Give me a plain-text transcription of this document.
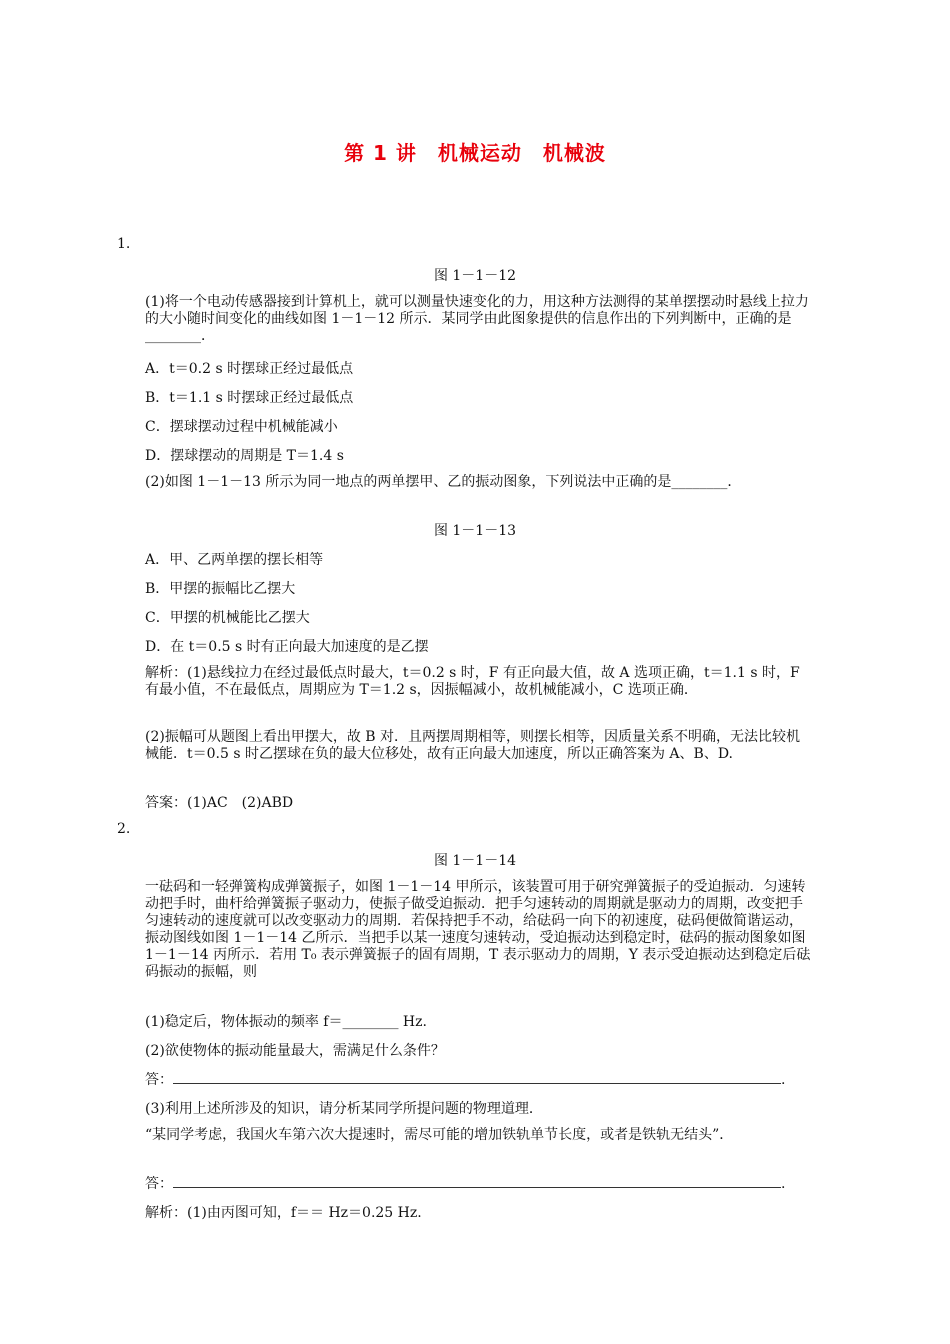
第 1 讲　机械运动　机械波
1.
图 1－1－12
(1)将一个电动传感器接到计算机上，就可以测量快速变化的力，用这种方法测得的某单摆摆动时悬线上拉力的大小随时间变化的曲线如图 1－1－12 所示．某同学由此图象提供的信息作出的下列判断中，正确的是________．
A．t＝0.2 s 时摆球正经过最低点
B．t＝1.1 s 时摆球正经过最低点
C．摆球摆动过程中机械能减小
D．摆球摆动的周期是 T＝1.4 s
(2)如图 1－1－13 所示为同一地点的两单摆甲、乙的振动图象，下列说法中正确的是________．
图 1－1－13
A．甲、乙两单摆的摆长相等
B．甲摆的振幅比乙摆大
C．甲摆的机械能比乙摆大
D．在 t＝0.5 s 时有正向最大加速度的是乙摆
解析：(1)悬线拉力在经过最低点时最大，t＝0.2 s 时，F 有正向最大值，故 A 选项正确，t＝1.1 s 时，F 有最小值，不在最低点，周期应为 T＝1.2 s，因振幅减小，故机械能减小，C 选项正确．
(2)振幅可从题图上看出甲摆大，故 B 对．且两摆周期相等，则摆长相等，因质量关系不明确，无法比较机械能．t＝0.5 s 时乙摆球在负的最大位移处，故有正向最大加速度，所以正确答案为 A、B、D.
答案：(1)AC　(2)ABD
2.
图 1－1－14
一砝码和一轻弹簧构成弹簧振子，如图 1－1－14 甲所示，该装置可用于研究弹簧振子的受迫振动．匀速转动把手时，曲杆给弹簧振子驱动力，使振子做受迫振动．把手匀速转动的周期就是驱动力的周期，改变把手匀速转动的速度就可以改变驱动力的周期．若保持把手不动，给砝码一向下的初速度，砝码便做简谐运动，振动图线如图 1－1－14 乙所示．当把手以某一速度匀速转动，受迫振动达到稳定时，砝码的振动图象如图 1－1－14 丙所示．若用 T₀ 表示弹簧振子的固有周期，T 表示驱动力的周期，Y 表示受迫振动达到稳定后砝码振动的振幅，则
(1)稳定后，物体振动的频率 f＝________ Hz.
(2)欲使物体的振动能量最大，需满足什么条件？
答：	.
(3)利用上述所涉及的知识，请分析某同学所提问题的物理道理．
“某同学考虑，我国火车第六次大提速时，需尽可能的增加铁轨单节长度，或者是铁轨无结头”．
答：	.
解析：(1)由丙图可知，f＝＝ Hz＝0.25 Hz.
